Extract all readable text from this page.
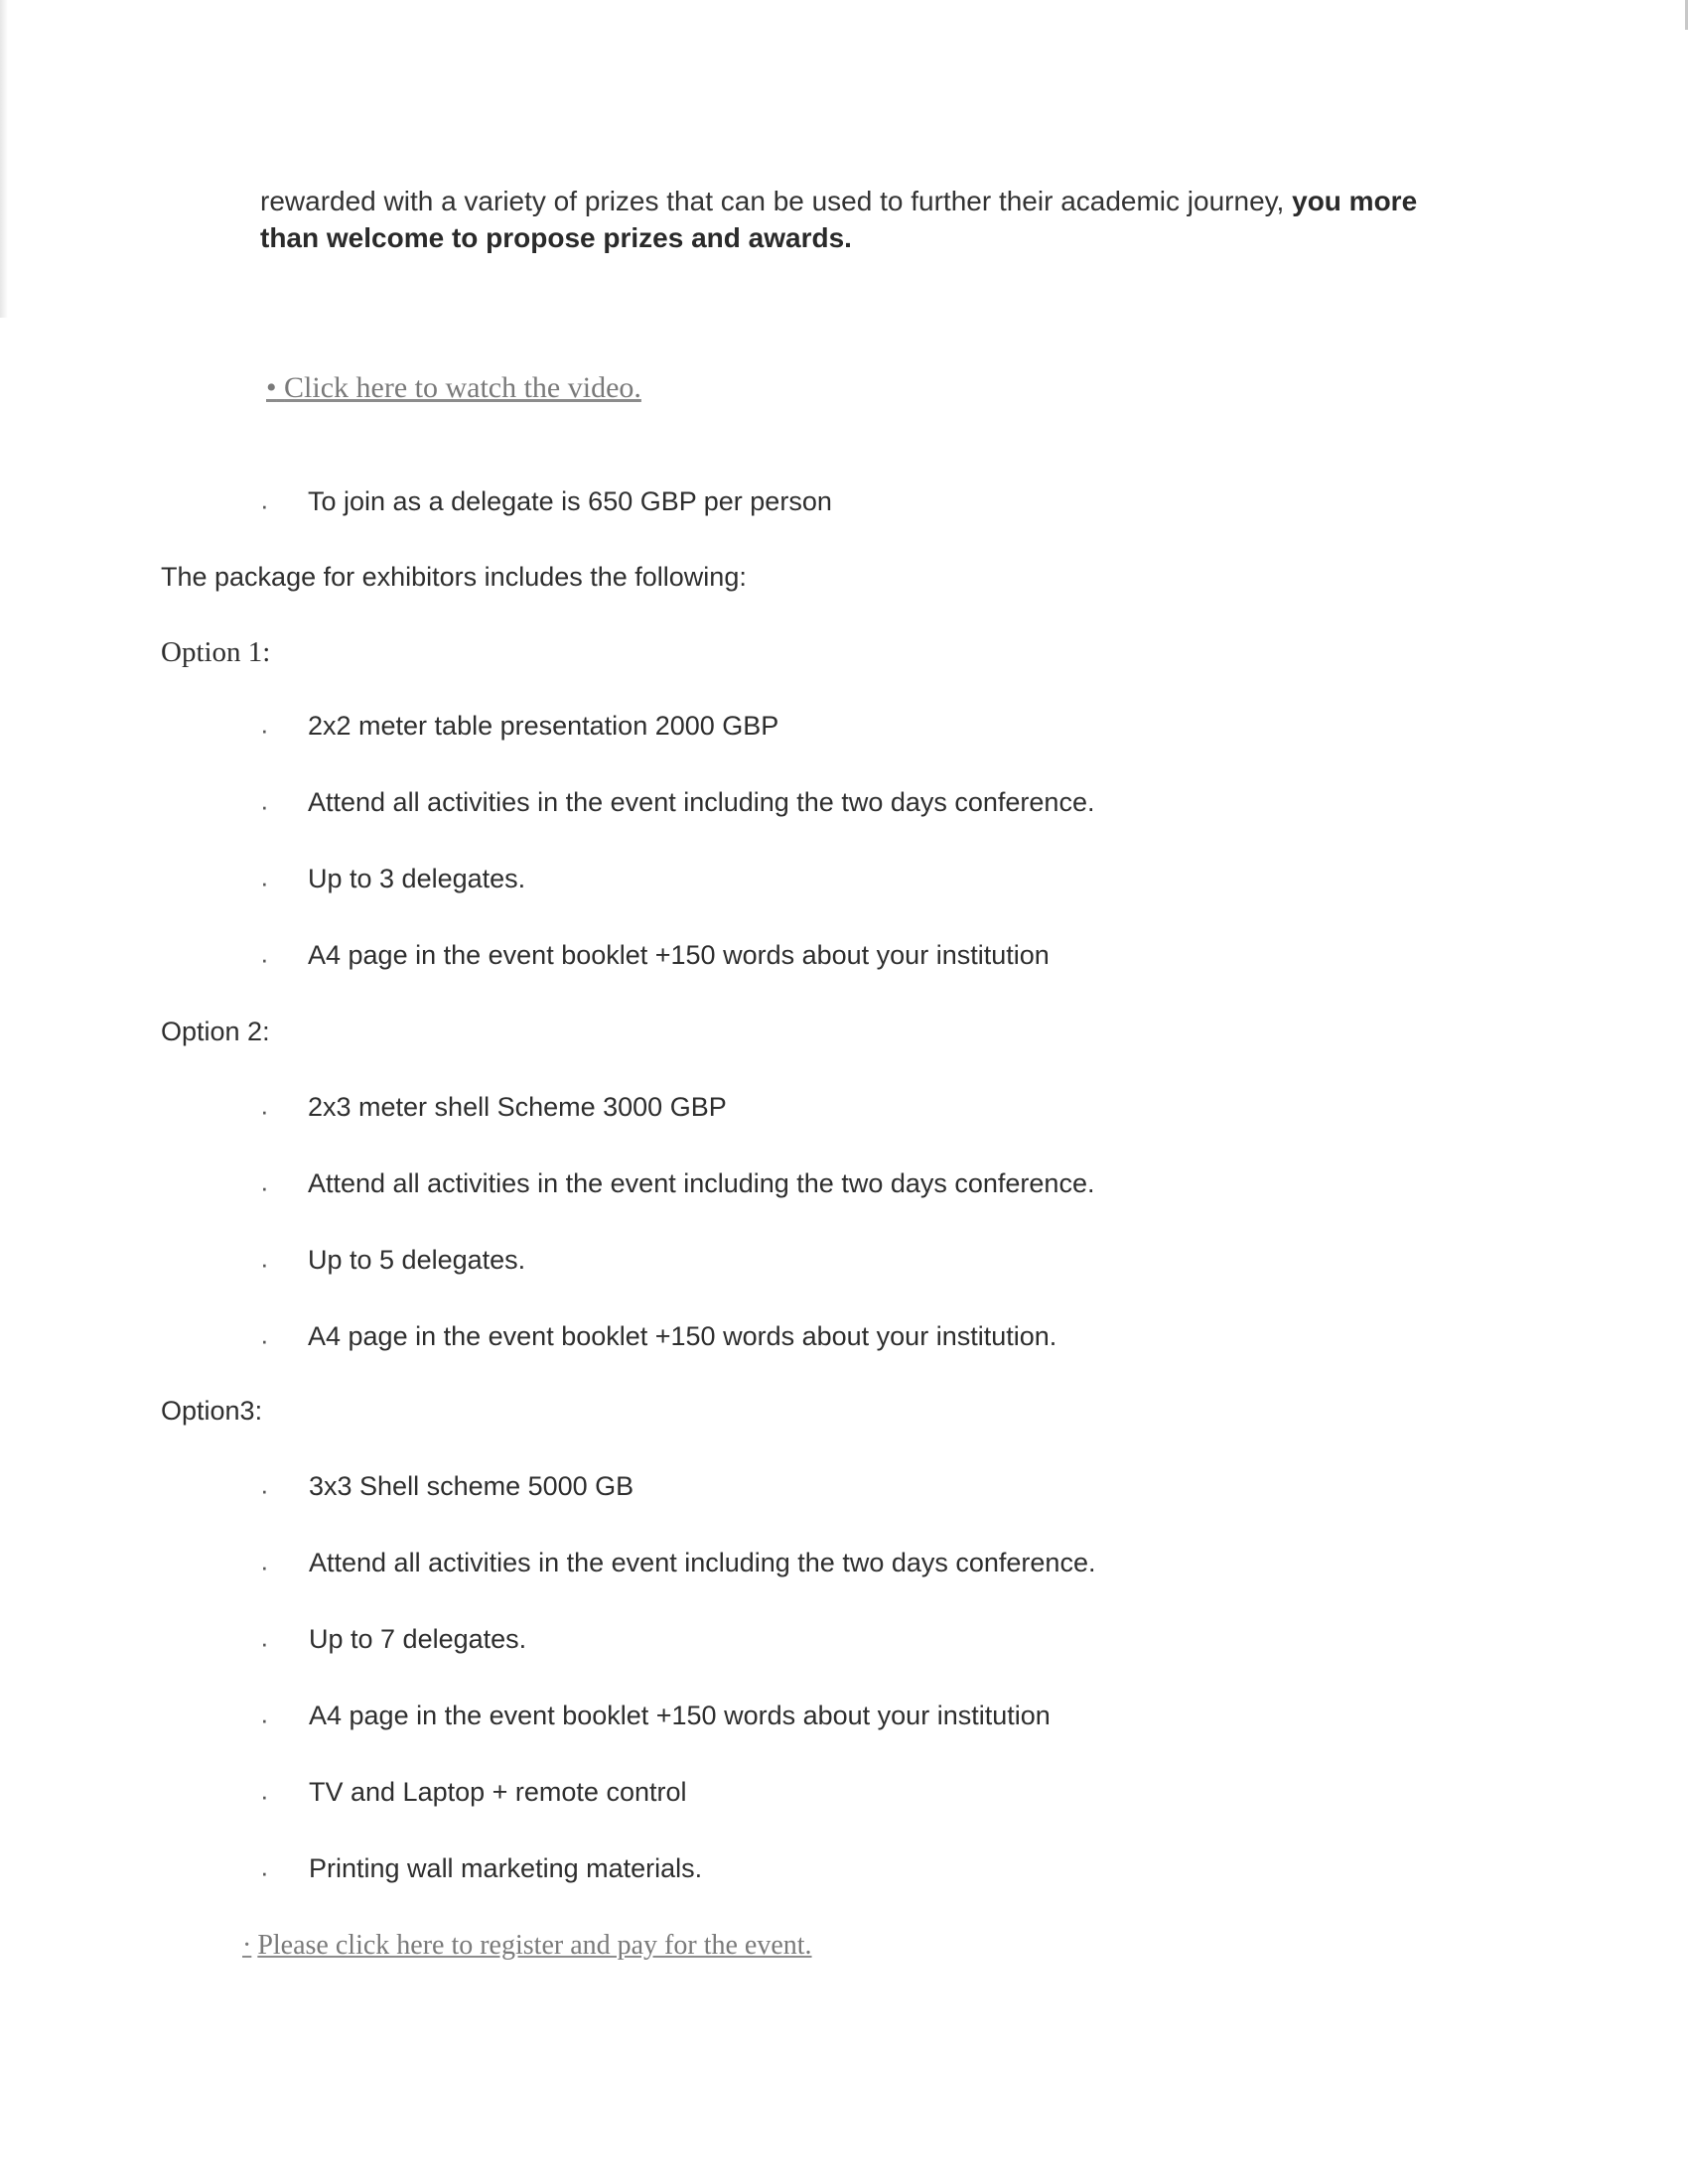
rewarded with a variety of prizes that can be used to further their academic journey, you more
than welcome to propose prizes and awards.
• Click here to watch the video.
· To join as a delegate is 650 GBP per person
The package for exhibitors includes the following:
Option 1:
· 2x2 meter table presentation 2000 GBP
· Attend all activities in the event including the two days conference.
· Up to 3 delegates.
· A4 page in the event booklet +150 words about your institution
Option 2:
· 2x3 meter shell Scheme 3000 GBP
· Attend all activities in the event including the two days conference.
· Up to 5 delegates.
· A4 page in the event booklet +150 words about your institution.
Option3:
· 3x3 Shell scheme 5000 GB
· Attend all activities in the event including the two days conference.
· Up to 7 delegates.
· A4 page in the event booklet +150 words about your institution
· TV and Laptop + remote control
· Printing wall marketing materials.
· Please click here to register and pay for the event.
